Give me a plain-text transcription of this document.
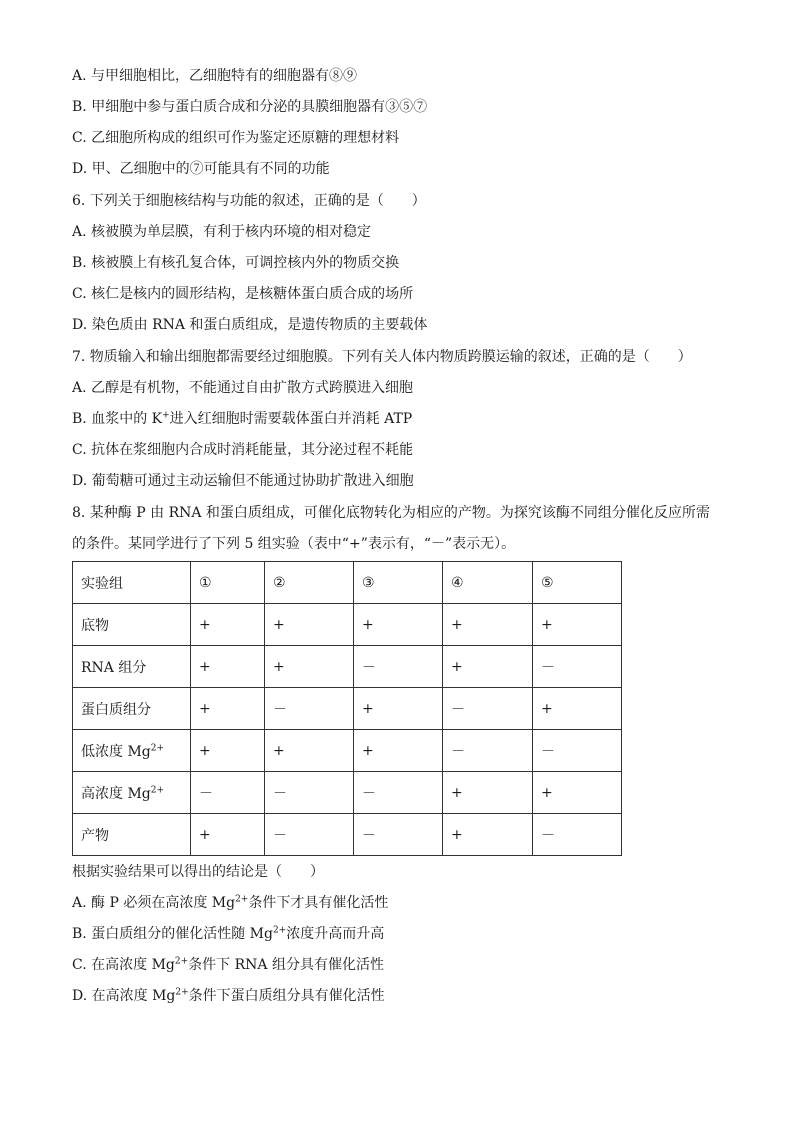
A. 与甲细胞相比，乙细胞特有的细胞器有⑧⑨
B. 甲细胞中参与蛋白质合成和分泌的具膜细胞器有③⑤⑦
C. 乙细胞所构成的组织可作为鉴定还原糖的理想材料
D. 甲、乙细胞中的⑦可能具有不同的功能
6. 下列关于细胞核结构与功能的叙述，正确的是（　　）
A. 核被膜为单层膜，有利于核内环境的相对稳定
B. 核被膜上有核孔复合体，可调控核内外的物质交换
C. 核仁是核内的圆形结构，是核糖体蛋白质合成的场所
D. 染色质由 RNA 和蛋白质组成，是遗传物质的主要载体
7. 物质输入和输出细胞都需要经过细胞膜。下列有关人体内物质跨膜运输的叙述，正确的是（　　）
A. 乙醇是有机物，不能通过自由扩散方式跨膜进入细胞
B. 血浆中的 K+进入红细胞时需要载体蛋白并消耗 ATP
C. 抗体在浆细胞内合成时消耗能量，其分泌过程不耗能
D. 葡萄糖可通过主动运输但不能通过协助扩散进入细胞
8. 某种酶 P 由 RNA 和蛋白质组成，可催化底物转化为相应的产物。为探究该酶不同组分催化反应所需的条件。某同学进行了下列 5 组实验（表中“+”表示有，“－”表示无）。
实验组	①	②	③	④	⑤
底物	+	+	+	+	+
RNA 组分	+	+	－	+	－
蛋白质组分	+	－	+	－	+
低浓度 $Mg^{2+}$	+	+	+	－	－
高浓度 $Mg^{2+}$	－	－	－	+	+
产物	+	－	－	+	－
根据实验结果可以得出的结论是（　　）
A. 酶 P 必须在高浓度 $Mg^{2+}$条件下才具有催化活性
B. 蛋白质组分的催化活性随 $Mg^{2+}$浓度升高而升高
C. 在高浓度 $Mg^{2+}$条件下 RNA 组分具有催化活性
D. 在高浓度 $Mg^{2+}$条件下蛋白质组分具有催化活性
